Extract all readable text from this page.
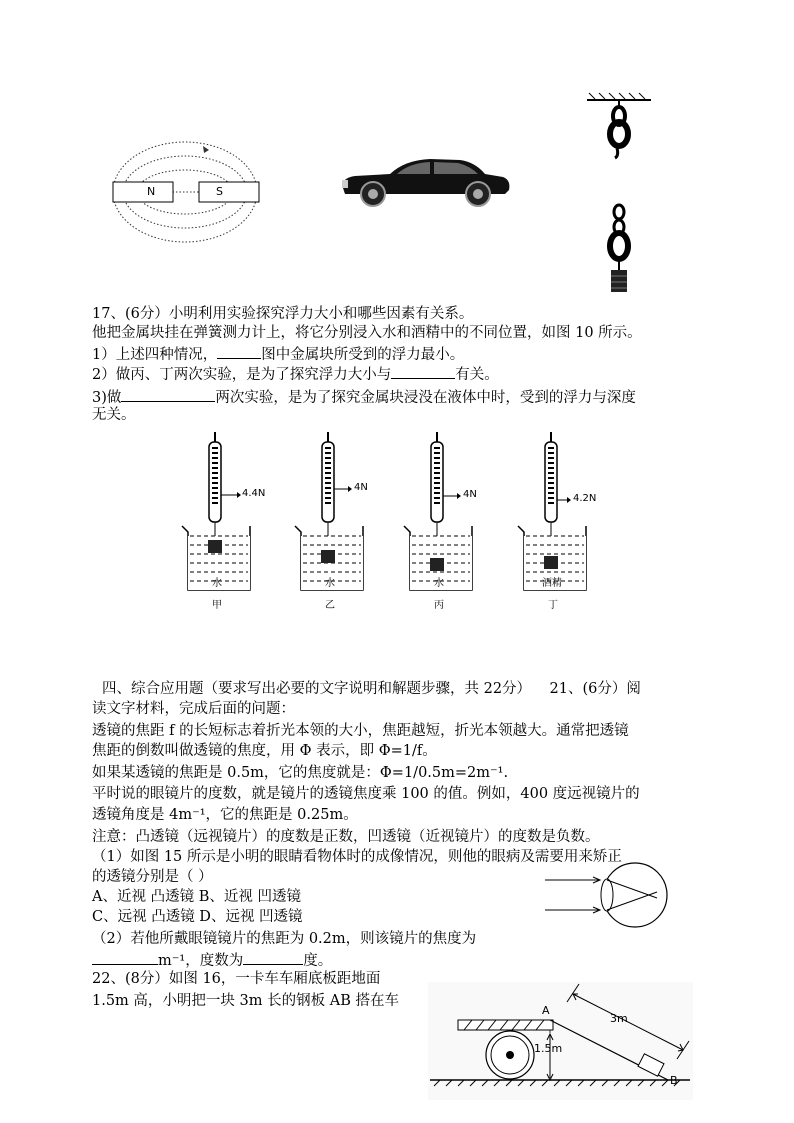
N	S
17、(6分）小明利用实验探究浮力大小和哪些因素有关系。
他把金属块挂在弹簧测力计上，将它分别浸入水和酒精中的不同位置，如图 10 所示。
1）上述四种情况，	图中金属块所受到的浮力最小。
2）做丙、丁两次实验，是为了探究浮力大小与	有关。
3)做	两次实验，是为了探究金属块浸没在液体中时，受到的浮力与深度
无关。
4.4N
4N
4N	4.2N
水	水	水	酒精
甲	乙	丙	丁
四、综合应用题（要求写出必要的文字说明和解题步骤，共 22分） 21、(6分）阅
读文字材料，完成后面的问题：
透镜的焦距 f 的长短标志着折光本领的大小，焦距越短，折光本领越大。通常把透镜
焦距的倒数叫做透镜的焦度，用 Φ 表示，即 Φ=1/f。
如果某透镜的焦距是 0.5m，它的焦度就是：Φ=1/0.5m=2m⁻¹.
平时说的眼镜片的度数，就是镜片的透镜焦度乘 100 的值。例如，400 度远视镜片的
透镜角度是 4m⁻¹，它的焦距是 0.25m。
注意：凸透镜（远视镜片）的度数是正数，凹透镜（近视镜片）的度数是负数。
（1）如图 15 所示是小明的眼睛看物体时的成像情况，则他的眼病及需要用来矫正
的透镜分别是（ ）
A、近视 凸透镜 B、近视 凹透镜
C、远视 凸透镜 D、远视 凹透镜
（2）若他所戴眼镜镜片的焦距为 0.2m，则该镜片的焦度为
m⁻¹，度数为	度。
22、(8分）如图 16，一卡车车厢底板距地面
1.5m 高，小明把一块 3m 长的钢板 AB 搭在车
A
B
3m
1.5m
